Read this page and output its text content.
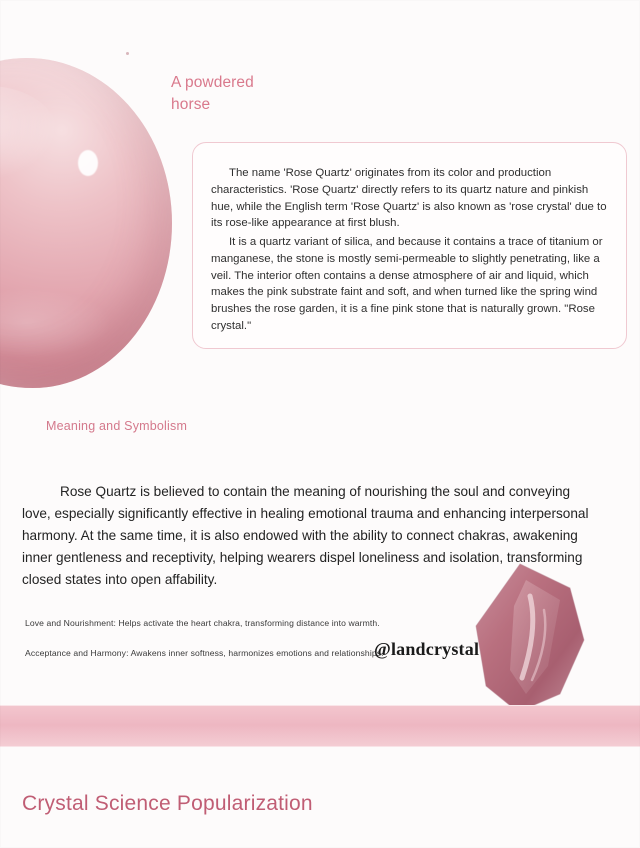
A powdered
horse

The name 'Rose Quartz' originates from its color and production characteristics. 'Rose Quartz' directly refers to its quartz nature and pinkish hue, while the English term 'Rose Quartz' is also known as 'rose crystal' due to its rose-like appearance at first blush.

It is a quartz variant of silica, and because it contains a trace of titanium or manganese, the stone is mostly semi-permeable to slightly penetrating, like a veil. The interior often contains a dense atmosphere of air and liquid, which makes the pink substrate faint and soft, and when turned like the spring wind brushes the rose garden, it is a fine pink stone that is naturally grown. "Rose crystal."

Meaning and Symbolism
Rose Quartz is believed to contain the meaning of nourishing the soul and conveying love, especially significantly effective in healing emotional trauma and enhancing interpersonal harmony. At the same time, it is also endowed with the ability to connect chakras, awakening inner gentleness and receptivity, helping wearers dispel loneliness and isolation, transforming closed states into open affability.
Love and Nourishment: Helps activate the heart chakra, transforming distance into warmth.
Acceptance and Harmony: Awakens inner softness, harmonizes emotions and relationships.
@landcrystal
Crystal Science Popularization
